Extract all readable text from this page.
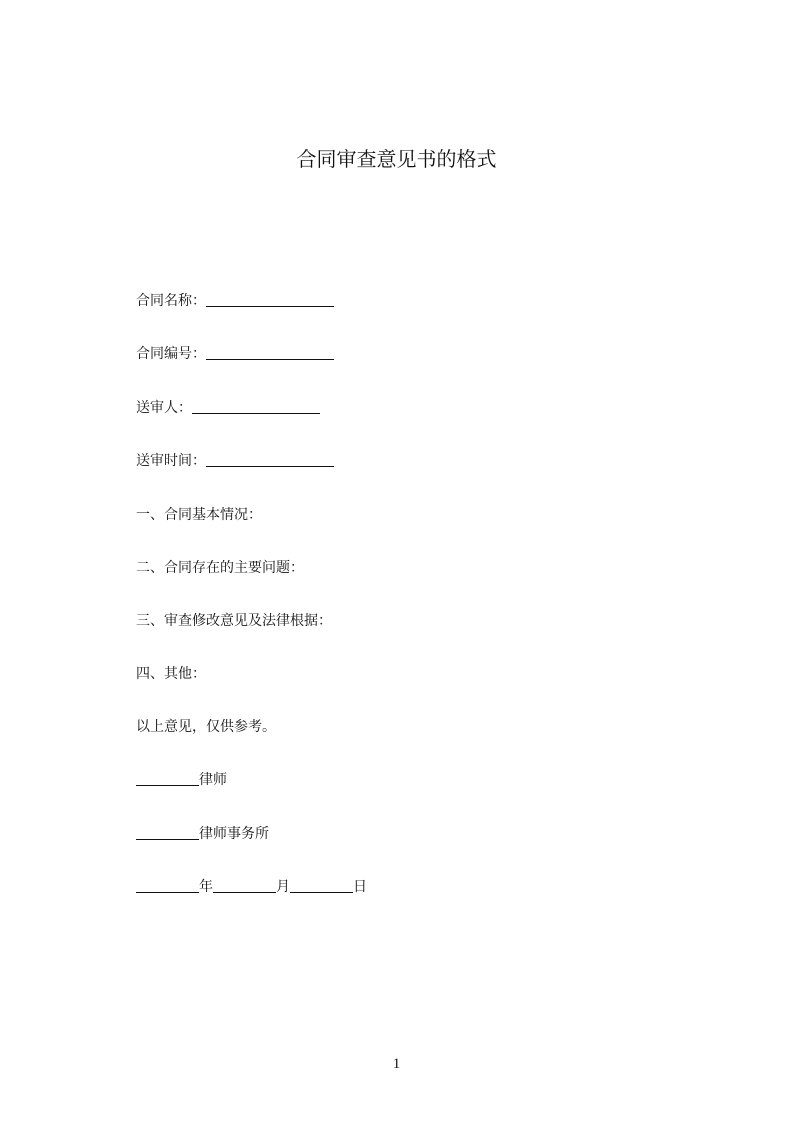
合同审查意见书的格式
合同名称：
合同编号：
送审人：
送审时间：
一、合同基本情况：
二、合同存在的主要问题：
三、审查修改意见及法律根据：
四、其他：
以上意见，仅供参考。
律师
律师事务所
年	月	日
1
